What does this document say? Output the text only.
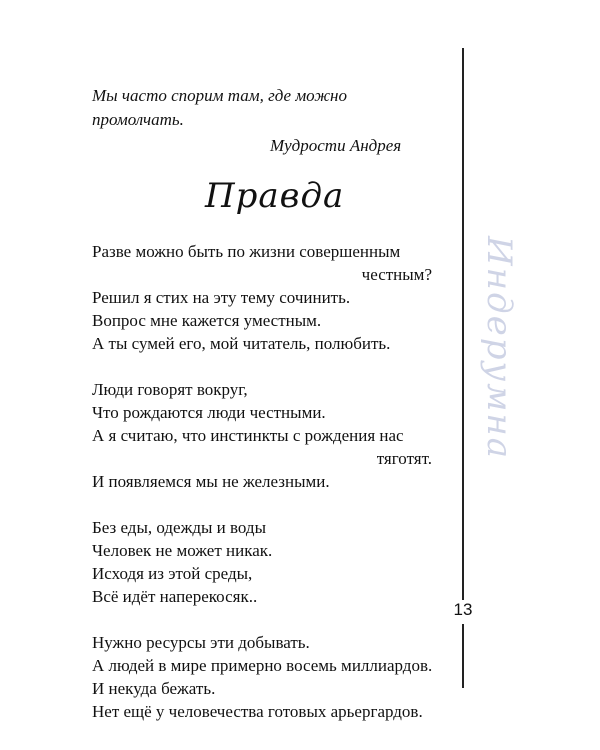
Мы часто спорим там, где можно
промолчать.
Мудрости Андрея
Правда
Разве можно быть по жизни совершенным
честным?
Решил я стих на эту тему сочинить.
Вопрос мне кажется уместным.
А ты сумей его, мой читатель, полюбить.
Люди говорят вокруг,
Что рождаются люди честными.
А я считаю, что инстинкты с рождения нас
тяготят.
И появляемся мы не железными.
Без еды, одежды и воды
Человек не может никак.
Исходя из этой среды,
Всё идёт наперекосяк..
Нужно ресурсы эти добывать.
А людей в мире примерно восемь миллиардов.
И некуда бежать.
Нет ещё у человечества готовых арьергардов.
Индерумна
13
